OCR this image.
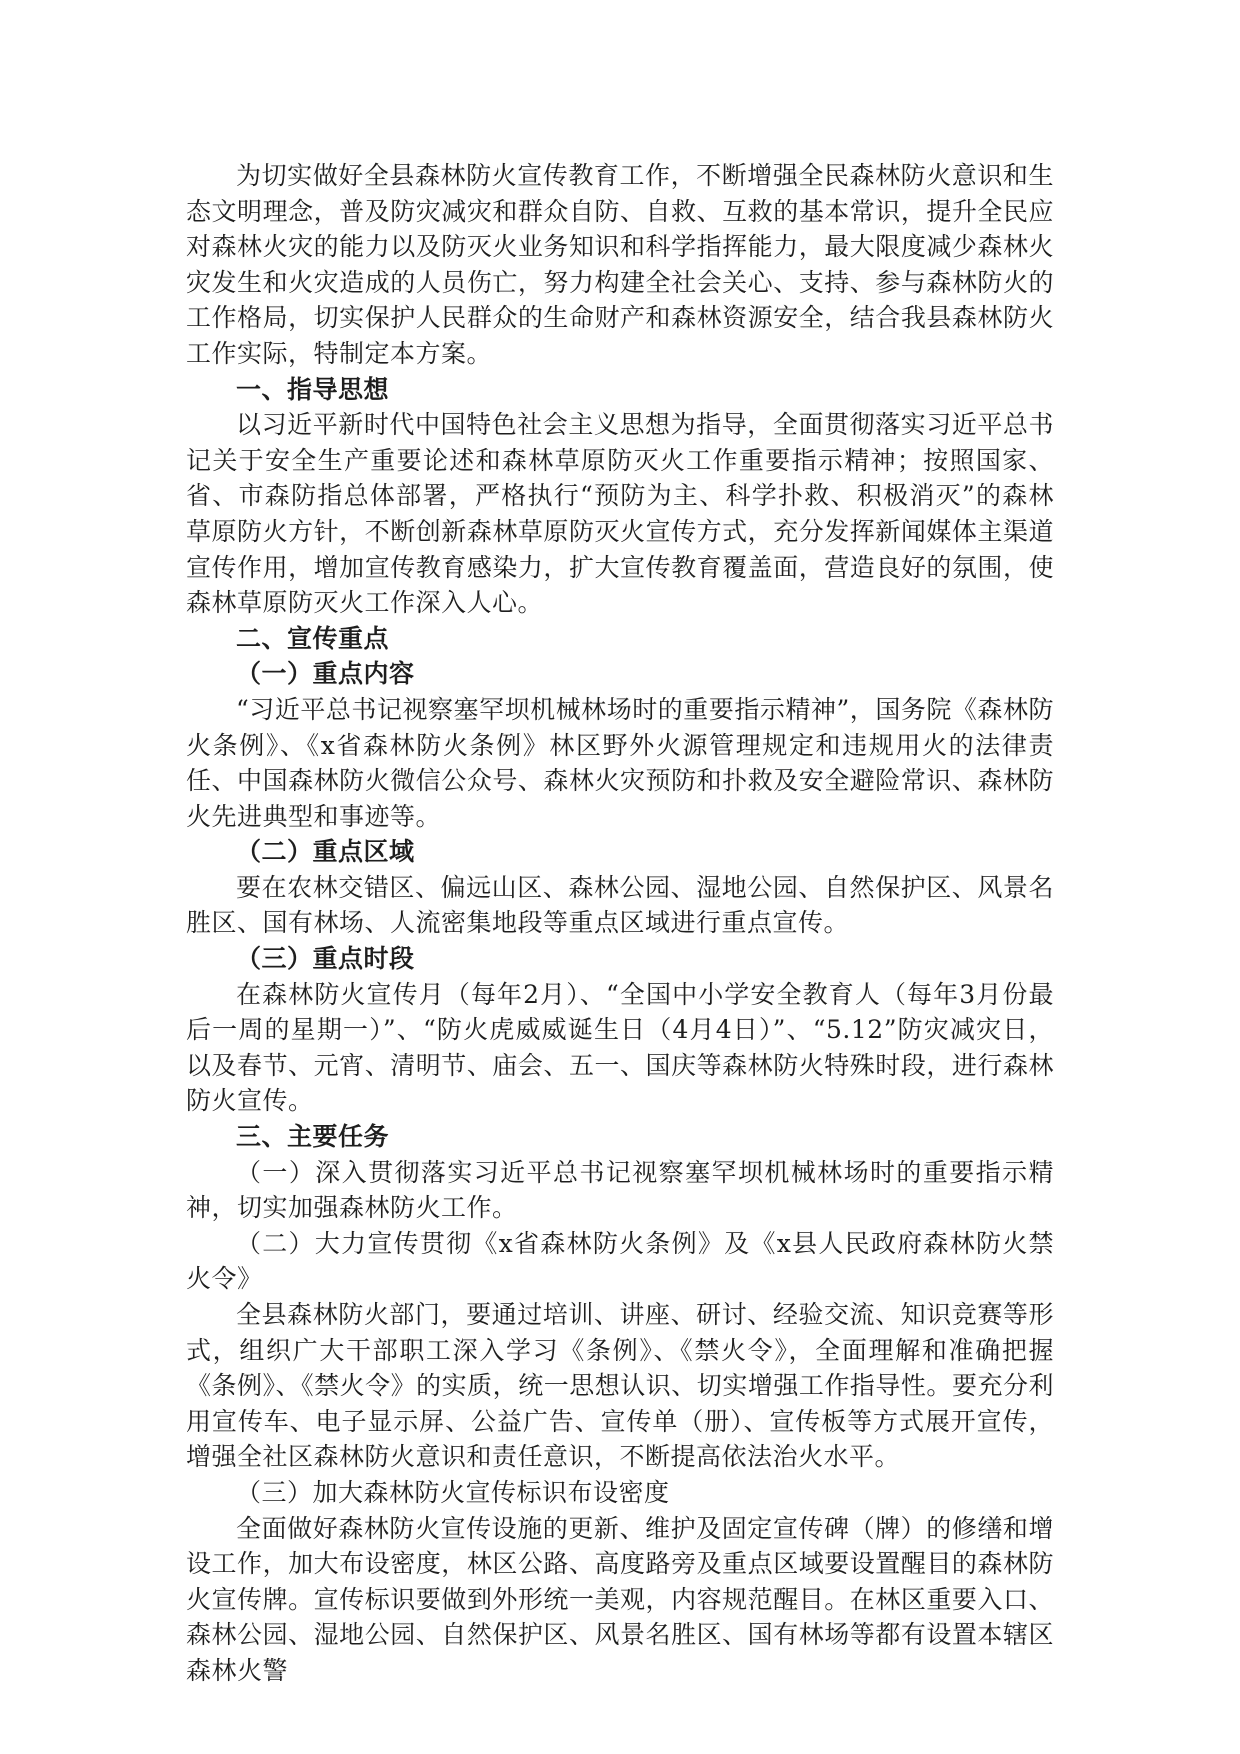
为切实做好全县森林防火宣传教育工作，不断增强全民森林防火意识和生态文明理念，普及防灾减灾和群众自防、自救、互救的基本常识，提升全民应对森林火灾的能力以及防灭火业务知识和科学指挥能力，最大限度减少森林火灾发生和火灾造成的人员伤亡，努力构建全社会关心、支持、参与森林防火的工作格局，切实保护人民群众的生命财产和森林资源安全，结合我县森林防火工作实际，特制定本方案。

一、指导思想

以习近平新时代中国特色社会主义思想为指导，全面贯彻落实习近平总书记关于安全生产重要论述和森林草原防灭火工作重要指示精神；按照国家、省、市森防指总体部署，严格执行“预防为主、科学扑救、积极消灭”的森林草原防火方针，不断创新森林草原防灭火宣传方式，充分发挥新闻媒体主渠道宣传作用，增加宣传教育感染力，扩大宣传教育覆盖面，营造良好的氛围，使森林草原防灭火工作深入人心。

二、宣传重点

（一）重点内容

“习近平总书记视察塞罕坝机械林场时的重要指示精神”，国务院《森林防火条例》、《x省森林防火条例》林区野外火源管理规定和违规用火的法律责任、中国森林防火微信公众号、森林火灾预防和扑救及安全避险常识、森林防火先进典型和事迹等。

（二）重点区域

要在农林交错区、偏远山区、森林公园、湿地公园、自然保护区、风景名胜区、国有林场、人流密集地段等重点区域进行重点宣传。

（三）重点时段

在森林防火宣传月（每年2月）、“全国中小学安全教育人（每年3月份最后一周的星期一）”、“防火虎威威诞生日（4月4日）”、“5.12”防灾减灾日，以及春节、元宵、清明节、庙会、五一、国庆等森林防火特殊时段，进行森林防火宣传。

三、主要任务

（一）深入贯彻落实习近平总书记视察塞罕坝机械林场时的重要指示精神，切实加强森林防火工作。

（二）大力宣传贯彻《x省森林防火条例》及《x县人民政府森林防火禁火令》

全县森林防火部门，要通过培训、讲座、研讨、经验交流、知识竞赛等形式，组织广大干部职工深入学习《条例》、《禁火令》，全面理解和准确把握《条例》、《禁火令》的实质，统一思想认识、切实增强工作指导性。要充分利用宣传车、电子显示屏、公益广告、宣传单（册）、宣传板等方式展开宣传，增强全社区森林防火意识和责任意识，不断提高依法治火水平。

（三）加大森林防火宣传标识布设密度

全面做好森林防火宣传设施的更新、维护及固定宣传碑（牌）的修缮和增设工作，加大布设密度，林区公路、高度路旁及重点区域要设置醒目的森林防火宣传牌。宣传标识要做到外形统一美观，内容规范醒目。在林区重要入口、森林公园、湿地公园、自然保护区、风景名胜区、国有林场等都有设置本辖区森林火警
